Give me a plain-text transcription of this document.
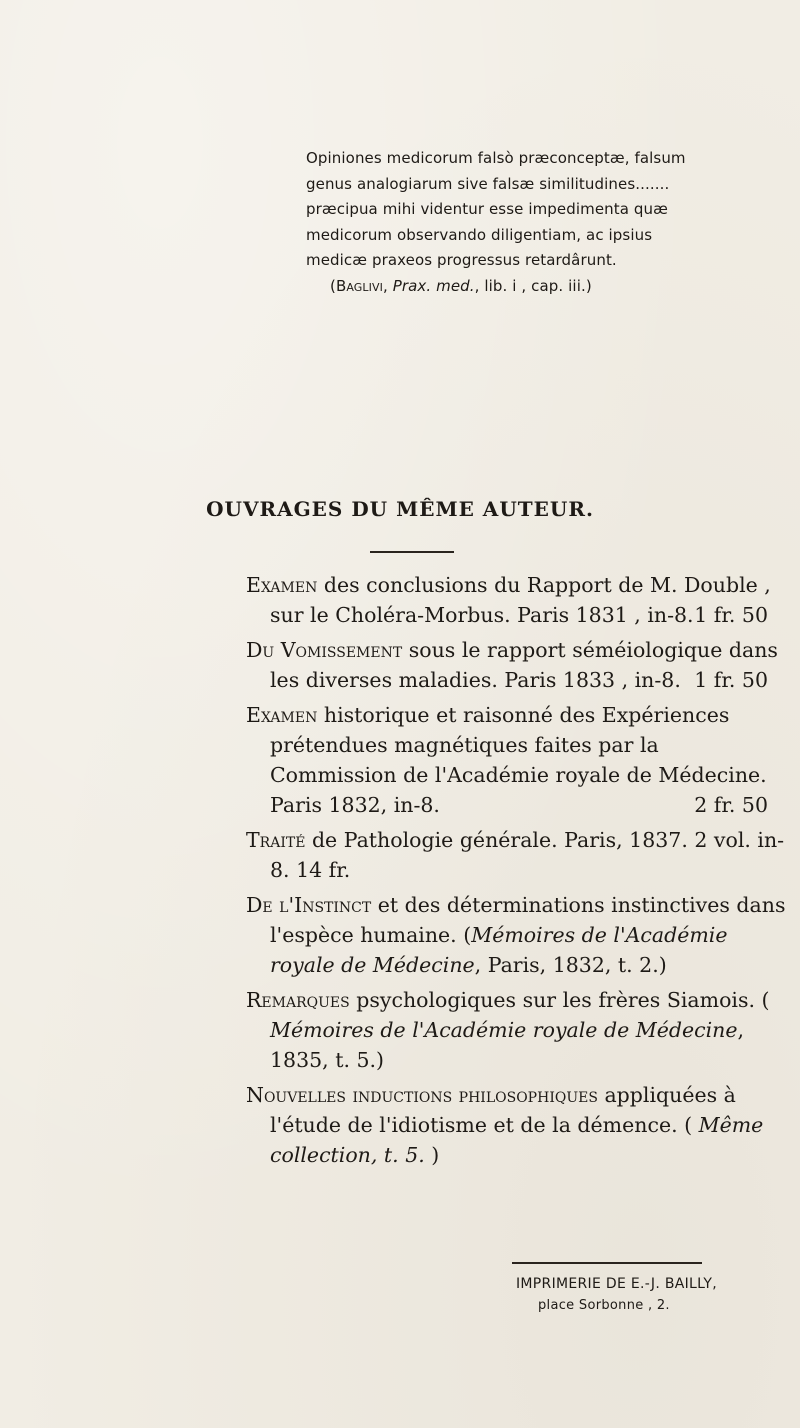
Opiniones medicorum falsò præconceptæ, falsum
genus analogiarum sive falsæ similitudines.......
præcipua mihi videntur esse impedimenta quæ
medicorum observando diligentiam, ac ipsius
medicæ praxeos progressus retardârunt.
(Baglivi, Prax. med., lib. i , cap. iii.)
OUVRAGES DU MÊME AUTEUR.
Examen des conclusions du Rapport de M. Double , sur le Choléra-Morbus. Paris 1831 , in-8. 1 fr. 50
Du Vomissement sous le rapport séméiologique dans les diverses maladies. Paris 1833 , in-8. 1 fr. 50
Examen historique et raisonné des Expériences prétendues magnétiques faites par la Commission de l'Académie royale de Médecine. Paris 1832, in-8.	2 fr. 50
Traité de Pathologie générale. Paris, 1837. 2 vol. in-8. 14 fr.
De l'Instinct et des déterminations instinctives dans l'espèce humaine. (Mémoires de l'Académie royale de Médecine, Paris, 1832, t. 2.)
Remarques psychologiques sur les frères Siamois. ( Mémoires de l'Académie royale de Médecine, 1835, t. 5.)
Nouvelles inductions philosophiques appliquées à l'étude de l'idiotisme et de la démence. ( Même collection, t. 5. )
IMPRIMERIE DE E.-J. BAILLY,
place Sorbonne , 2.
